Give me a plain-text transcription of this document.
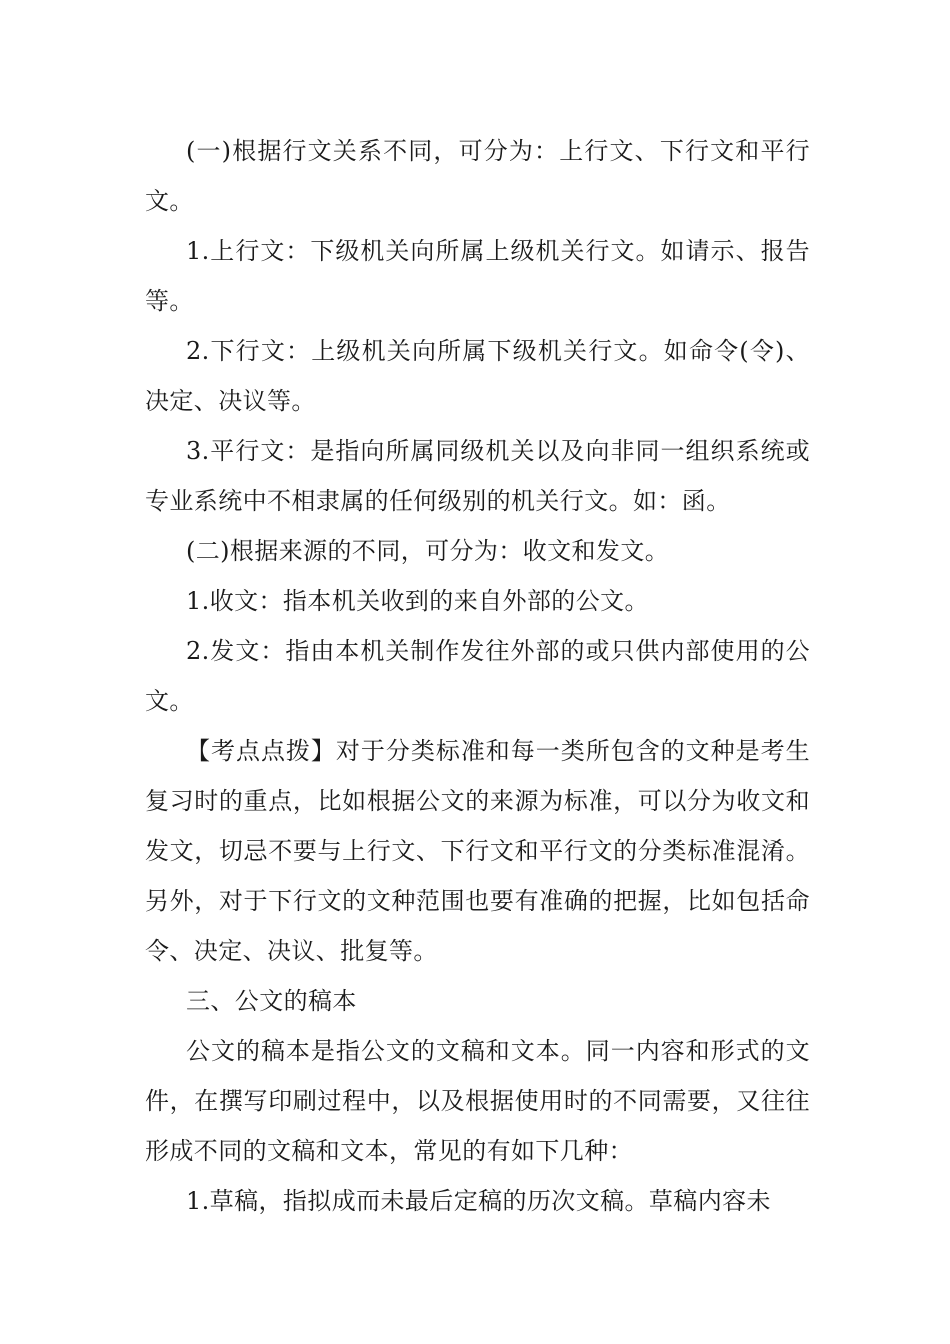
(一)根据行文关系不同，可分为：上行文、下行文和平行文。

1.上行文：下级机关向所属上级机关行文。如请示、报告等。

2.下行文：上级机关向所属下级机关行文。如命令(令)、决定、决议等。

3.平行文：是指向所属同级机关以及向非同一组织系统或专业系统中不相隶属的任何级别的机关行文。如：函。

(二)根据来源的不同，可分为：收文和发文。

1.收文：指本机关收到的来自外部的公文。

2.发文：指由本机关制作发往外部的或只供内部使用的公文。

【考点点拨】对于分类标准和每一类所包含的文种是考生复习时的重点，比如根据公文的来源为标准，可以分为收文和发文，切忌不要与上行文、下行文和平行文的分类标准混淆。另外，对于下行文的文种范围也要有准确的把握，比如包括命令、决定、决议、批复等。

三、公文的稿本

公文的稿本是指公文的文稿和文本。同一内容和形式的文件，在撰写印刷过程中，以及根据使用时的不同需要，又往往形成不同的文稿和文本，常见的有如下几种：

1.草稿，指拟成而未最后定稿的历次文稿。草稿内容未
